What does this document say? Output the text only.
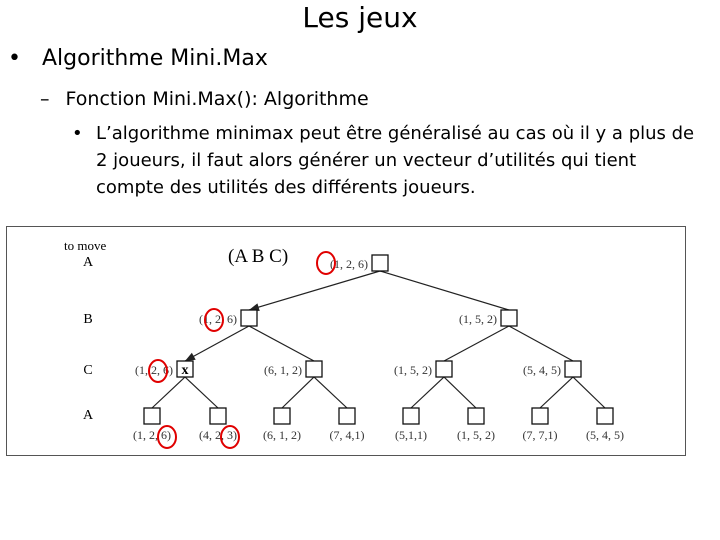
Les jeux
• Algorithme Mini.Max
– Fonction Mini.Max(): Algorithme
• L’algorithme minimax peut être généralisé au cas où il y a plus de 2 joueurs, il faut alors générer un vecteur d’utilités qui tient compte des utilités des différents joueurs.
to move
A
B
C
A
(A B C)
x
(1, 2, 6)
(1, 2, 6)	(1, 5, 2)
(1, 2, 6)	(6, 1, 2)	(1, 5, 2)	(5, 4, 5)
(1, 2, 6) (4, 2, 3) (6, 1, 2) (7, 4,1)	(5,1,1)	(1, 5, 2) (7, 7,1) (5, 4, 5)
